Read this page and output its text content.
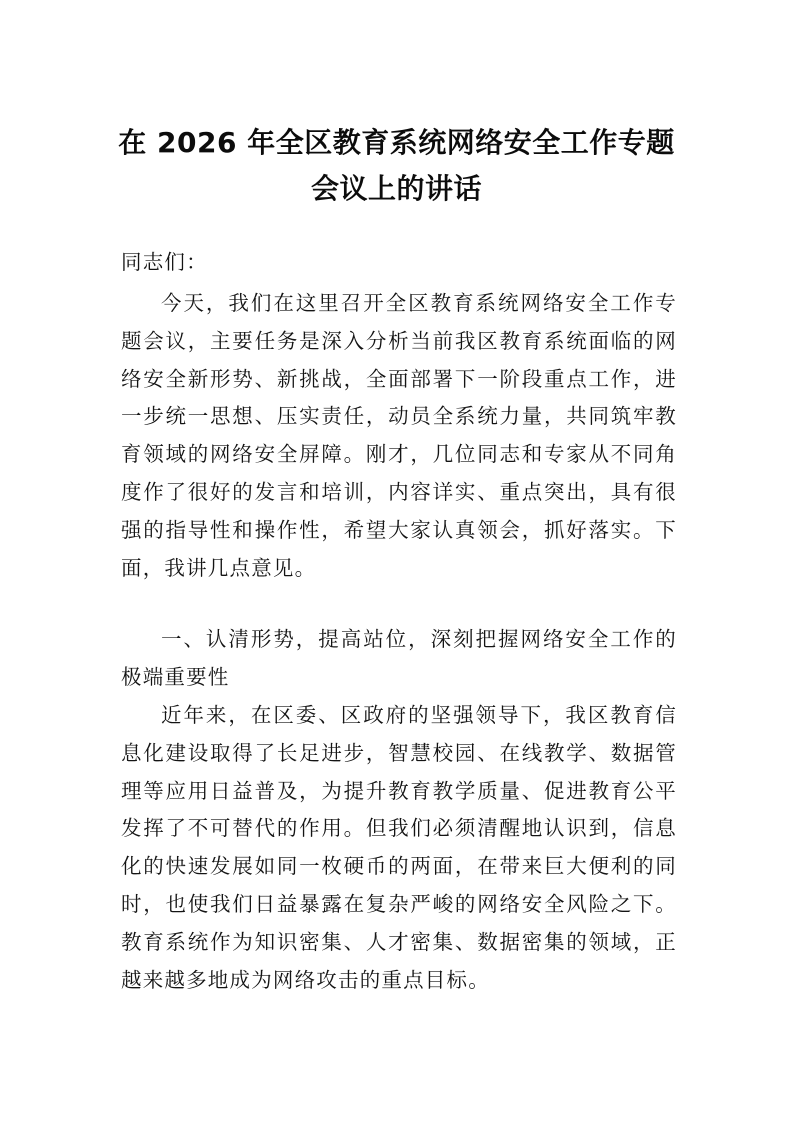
在 2026 年全区教育系统网络安全工作专题
会议上的讲话
同志们：
今天，我们在这里召开全区教育系统网络安全工作专题会议，主要任务是深入分析当前我区教育系统面临的网络安全新形势、新挑战，全面部署下一阶段重点工作，进一步统一思想、压实责任，动员全系统力量，共同筑牢教育领域的网络安全屏障。刚才，几位同志和专家从不同角度作了很好的发言和培训，内容详实、重点突出，具有很强的指导性和操作性，希望大家认真领会，抓好落实。下面，我讲几点意见。
一、认清形势，提高站位，深刻把握网络安全工作的极端重要性
近年来，在区委、区政府的坚强领导下，我区教育信息化建设取得了长足进步，智慧校园、在线教学、数据管理等应用日益普及，为提升教育教学质量、促进教育公平发挥了不可替代的作用。但我们必须清醒地认识到，信息化的快速发展如同一枚硬币的两面，在带来巨大便利的同时，也使我们日益暴露在复杂严峻的网络安全风险之下。教育系统作为知识密集、人才密集、数据密集的领域，正越来越多地成为网络攻击的重点目标。
